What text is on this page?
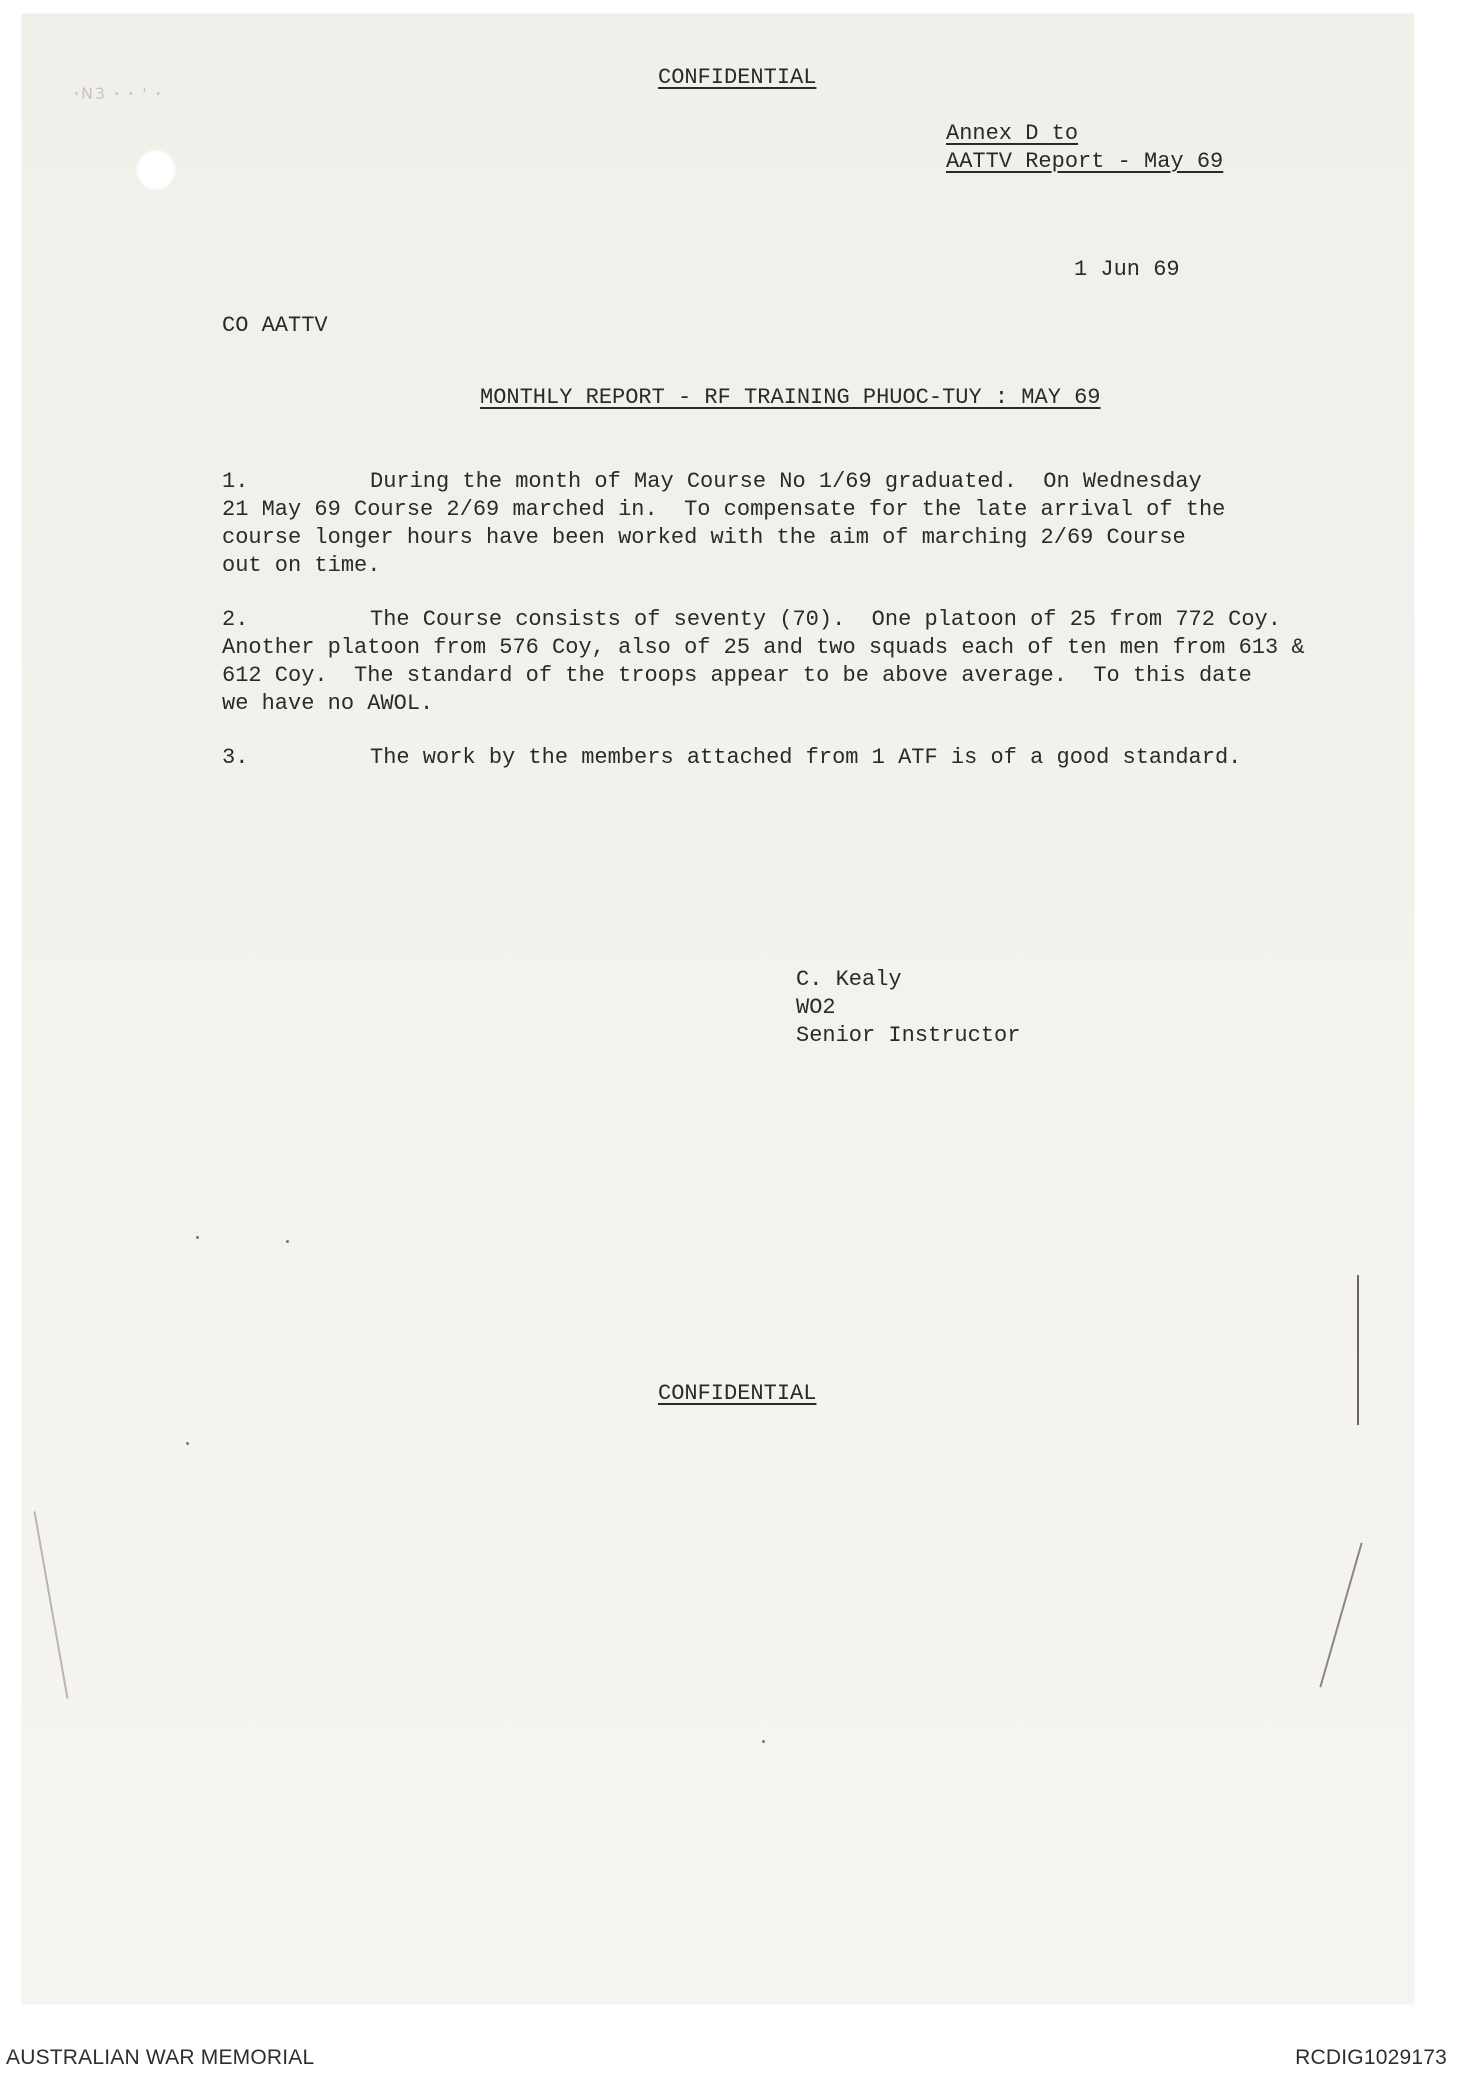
ꞏN3 ꞏ ꞏ ' ꞏ
CONFIDENTIAL
Annex D to
AATTV Report - May 69
1 Jun 69
CO AATTV
MONTHLY REPORT - RF TRAINING PHUOC-TUY : MAY 69
1.	During the month of May Course No 1/69 graduated.  On Wednesday
21 May 69 Course 2/69 marched in.  To compensate for the late arrival of the
course longer hours have been worked with the aim of marching 2/69 Course
out on time.
2.	The Course consists of seventy (70).  One platoon of 25 from 772 Coy.
Another platoon from 576 Coy, also of 25 and two squads each of ten men from 613 &
612 Coy.  The standard of the troops appear to be above average.  To this date
we have no AWOL.
3.	The work by the members attached from 1 ATF is of a good standard.
C. Kealy
WO2
Senior Instructor
CONFIDENTIAL
AUSTRALIAN WAR MEMORIAL	RCDIG1029173
